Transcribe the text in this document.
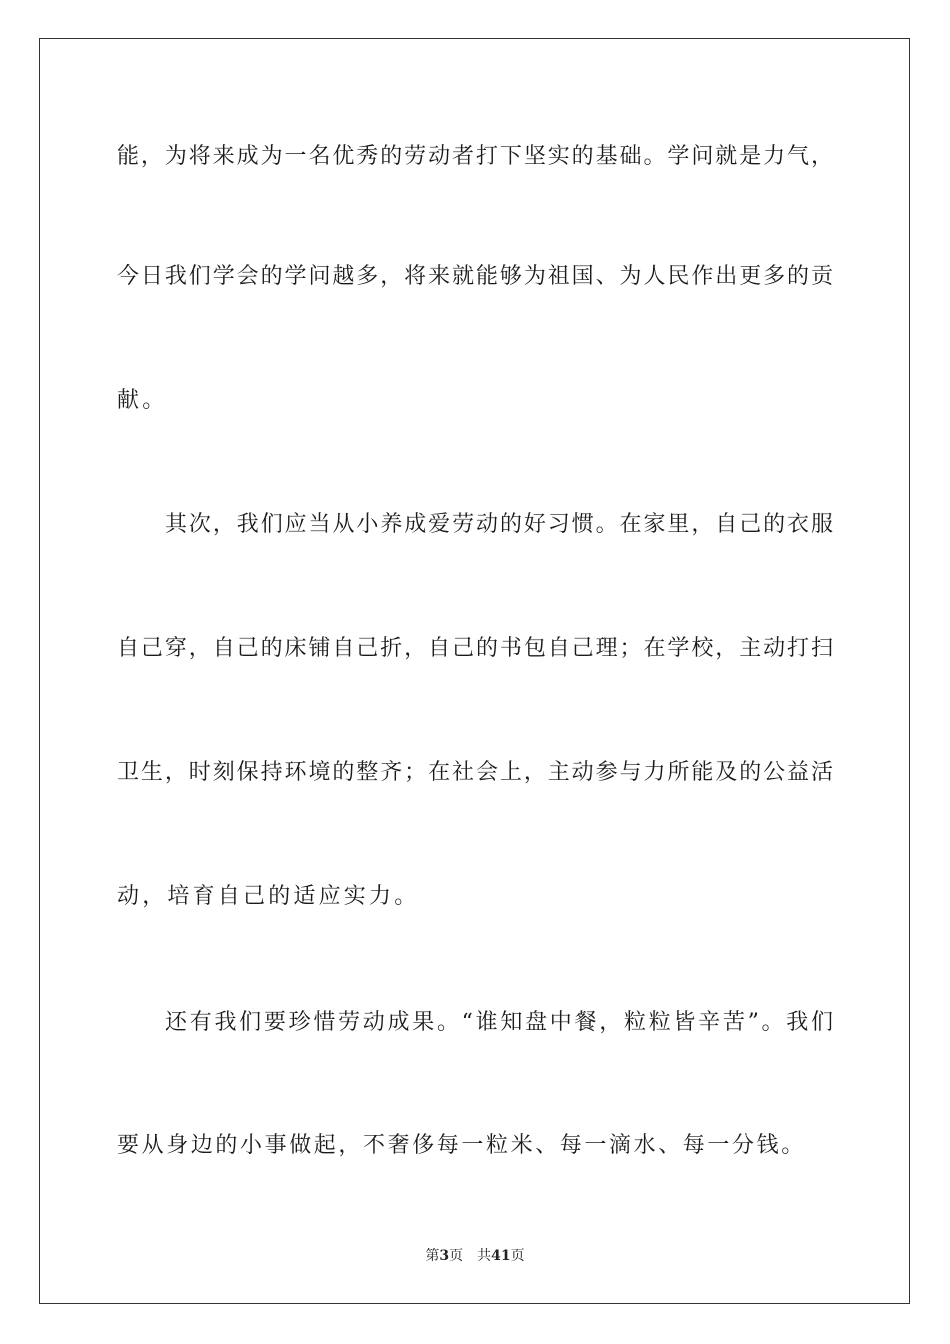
能，为将来成为一名优秀的劳动者打下坚实的基础。学问就是力气，
今日我们学会的学问越多，将来就能够为祖国、为人民作出更多的贡
献。
其次，我们应当从小养成爱劳动的好习惯。在家里，自己的衣服
自己穿，自己的床铺自己折，自己的书包自己理；在学校，主动打扫
卫生，时刻保持环境的整齐；在社会上，主动参与力所能及的公益活
动，培育自己的适应实力。
还有我们要珍惜劳动成果。“谁知盘中餐，粒粒皆辛苦”。我们
要从身边的小事做起，不奢侈每一粒米、每一滴水、每一分钱。
第3页 共41页
